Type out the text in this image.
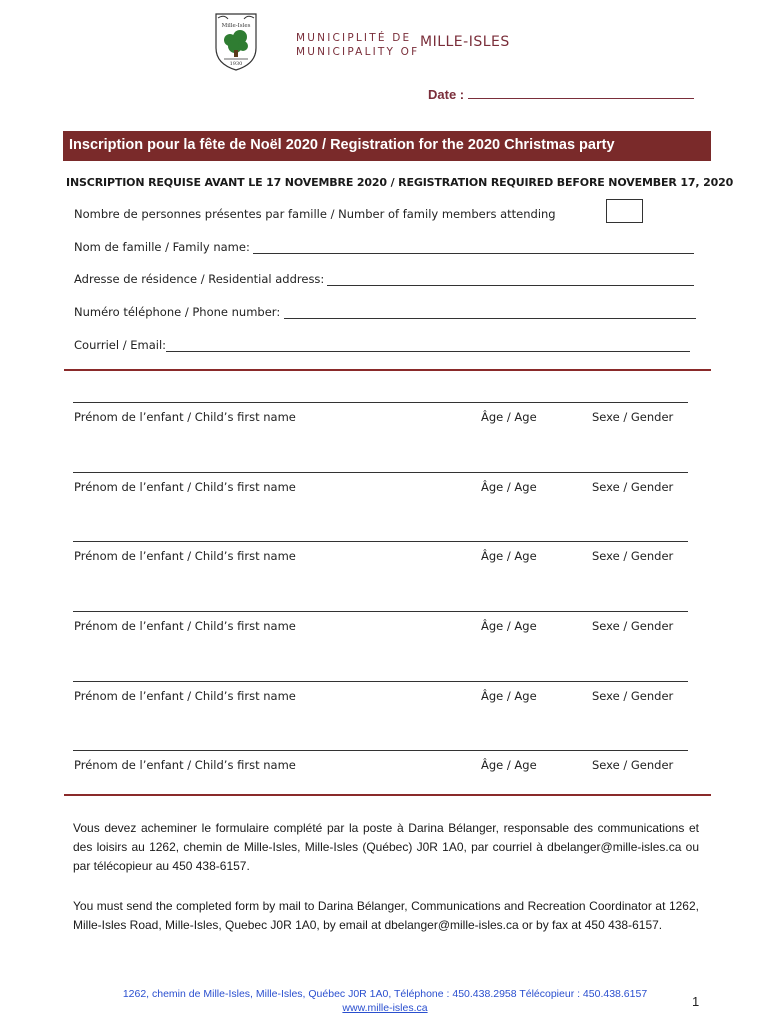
Mille-Isles
1930
MUNICIPLITÉ DE
MUNICIPALITY OF
MILLE-ISLES
Date :
Inscription pour la fête de Noël 2020 / Registration for the 2020 Christmas party
INSCRIPTION REQUISE AVANT LE 17 NOVEMBRE 2020 / REGISTRATION REQUIRED BEFORE NOVEMBER 17, 2020
Nombre de personnes présentes par famille / Number of family members attending
Nom de famille / Family name:
Adresse de résidence / Residential address:
Numéro téléphone / Phone number:
Courriel / Email:
Prénom de l’enfant / Child’s first name	Âge / Age	Sexe / Gender
Prénom de l’enfant / Child’s first name	Âge / Age	Sexe / Gender
Prénom de l’enfant / Child’s first name	Âge / Age	Sexe / Gender
Prénom de l’enfant / Child’s first name	Âge / Age	Sexe / Gender
Prénom de l’enfant / Child’s first name	Âge / Age	Sexe / Gender
Prénom de l’enfant / Child’s first name	Âge / Age	Sexe / Gender
Vous devez acheminer le formulaire complété par la poste à Darina Bélanger, responsable des communications et des loisirs au 1262, chemin de Mille-Isles, Mille-Isles (Québec) J0R 1A0, par courriel à dbelanger@mille-isles.ca ou par télécopieur au 450 438-6157.
You must send the completed form by mail to Darina Bélanger, Communications and Recreation Coordinator at 1262, Mille-Isles Road, Mille-Isles, Quebec J0R 1A0, by email at dbelanger@mille-isles.ca or by fax at 450 438-6157.
1262, chemin de Mille-Isles, Mille-Isles, Québec J0R 1A0, Téléphone : 450.438.2958 Télécopieur : 450.438.6157
www.mille-isles.ca	1
